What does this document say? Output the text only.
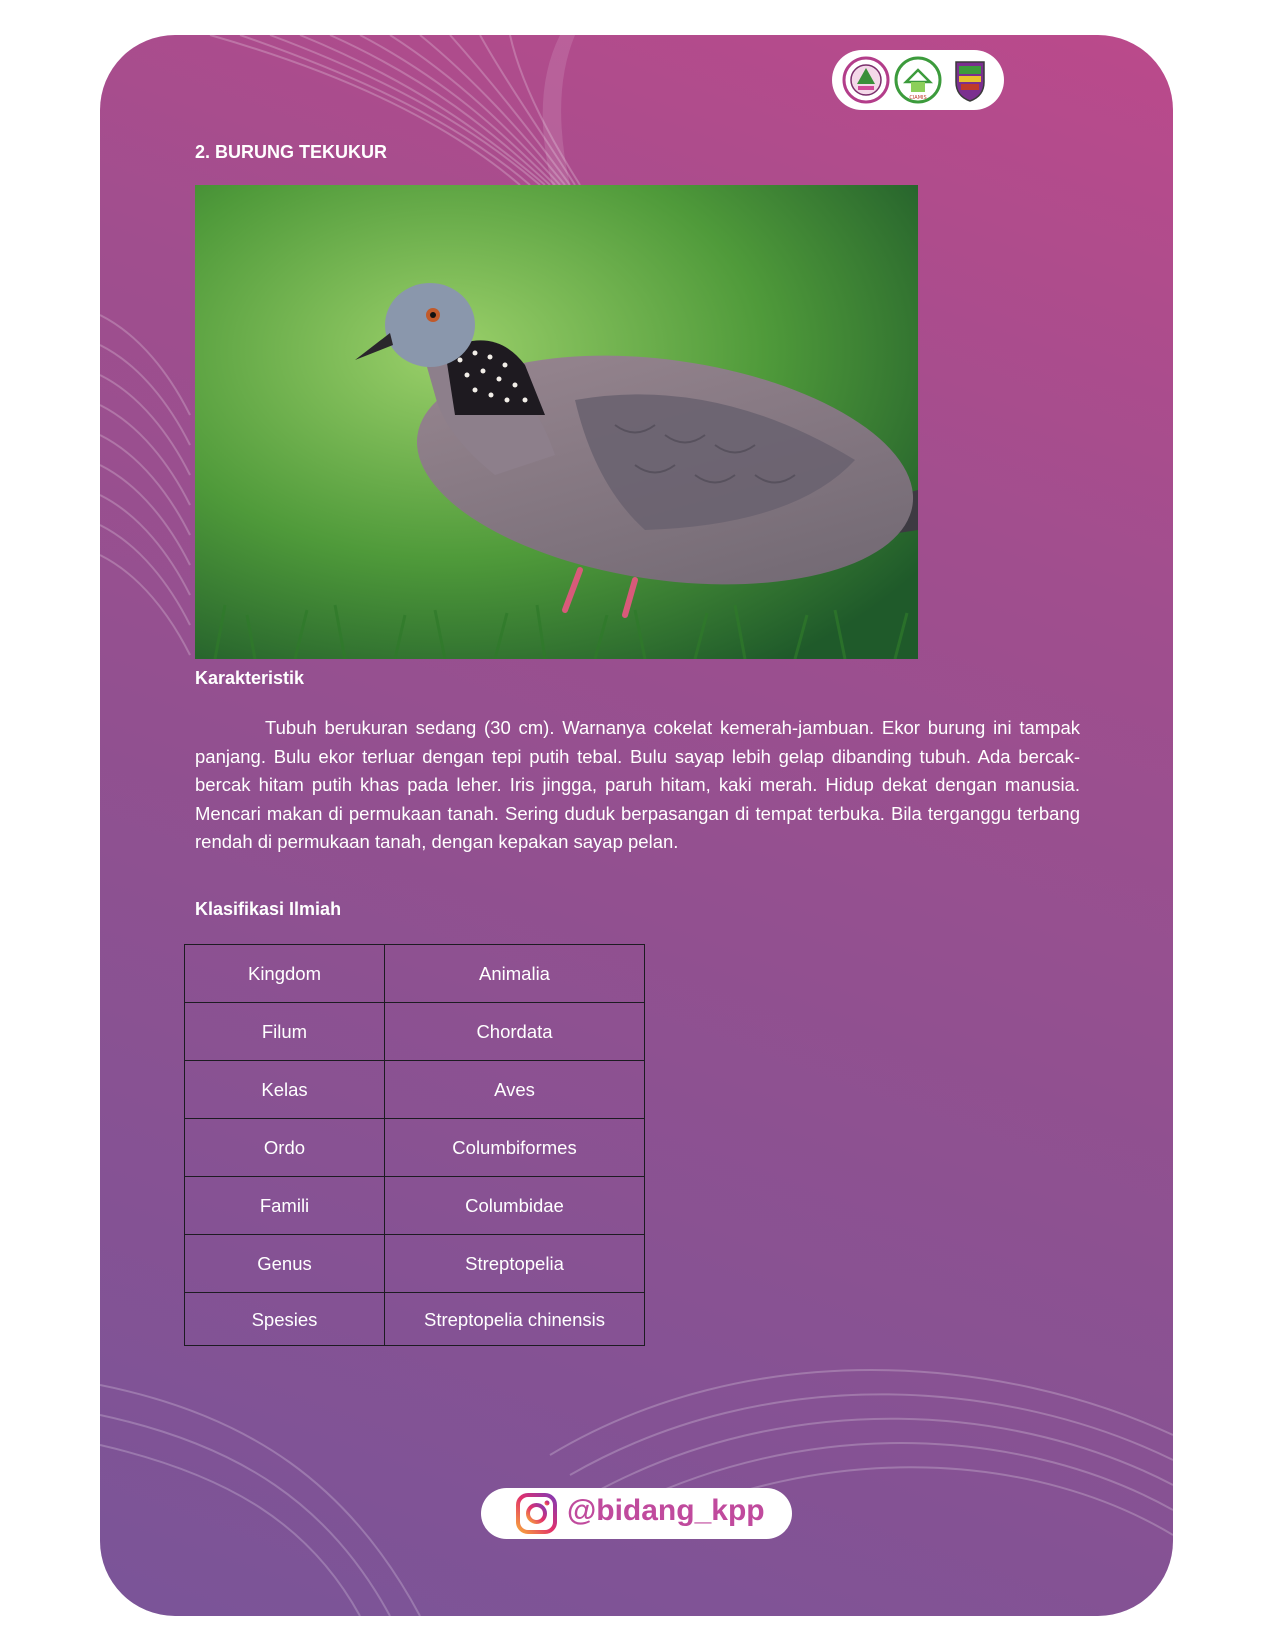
CIAMIS
2. BURUNG TEKUKUR
Karakteristik

Tubuh berukuran sedang (30 cm). Warnanya cokelat kemerah-jambuan. Ekor burung ini tampak panjang. Bulu ekor terluar dengan tepi putih tebal. Bulu sayap lebih gelap dibanding tubuh. Ada bercak-bercak hitam putih khas pada leher. Iris jingga, paruh hitam, kaki merah. Hidup dekat dengan manusia. Mencari makan di permukaan tanah. Sering duduk berpasangan di tempat terbuka. Bila terganggu terbang rendah di permukaan tanah, dengan kepakan sayap pelan.

Klasifikasi Ilmiah
Kingdom	Animalia
Filum	Chordata
Kelas	Aves
Ordo	Columbiformes
Famili	Columbidae
Genus	Streptopelia
Spesies	Streptopelia chinensis
@bidang_kpp
